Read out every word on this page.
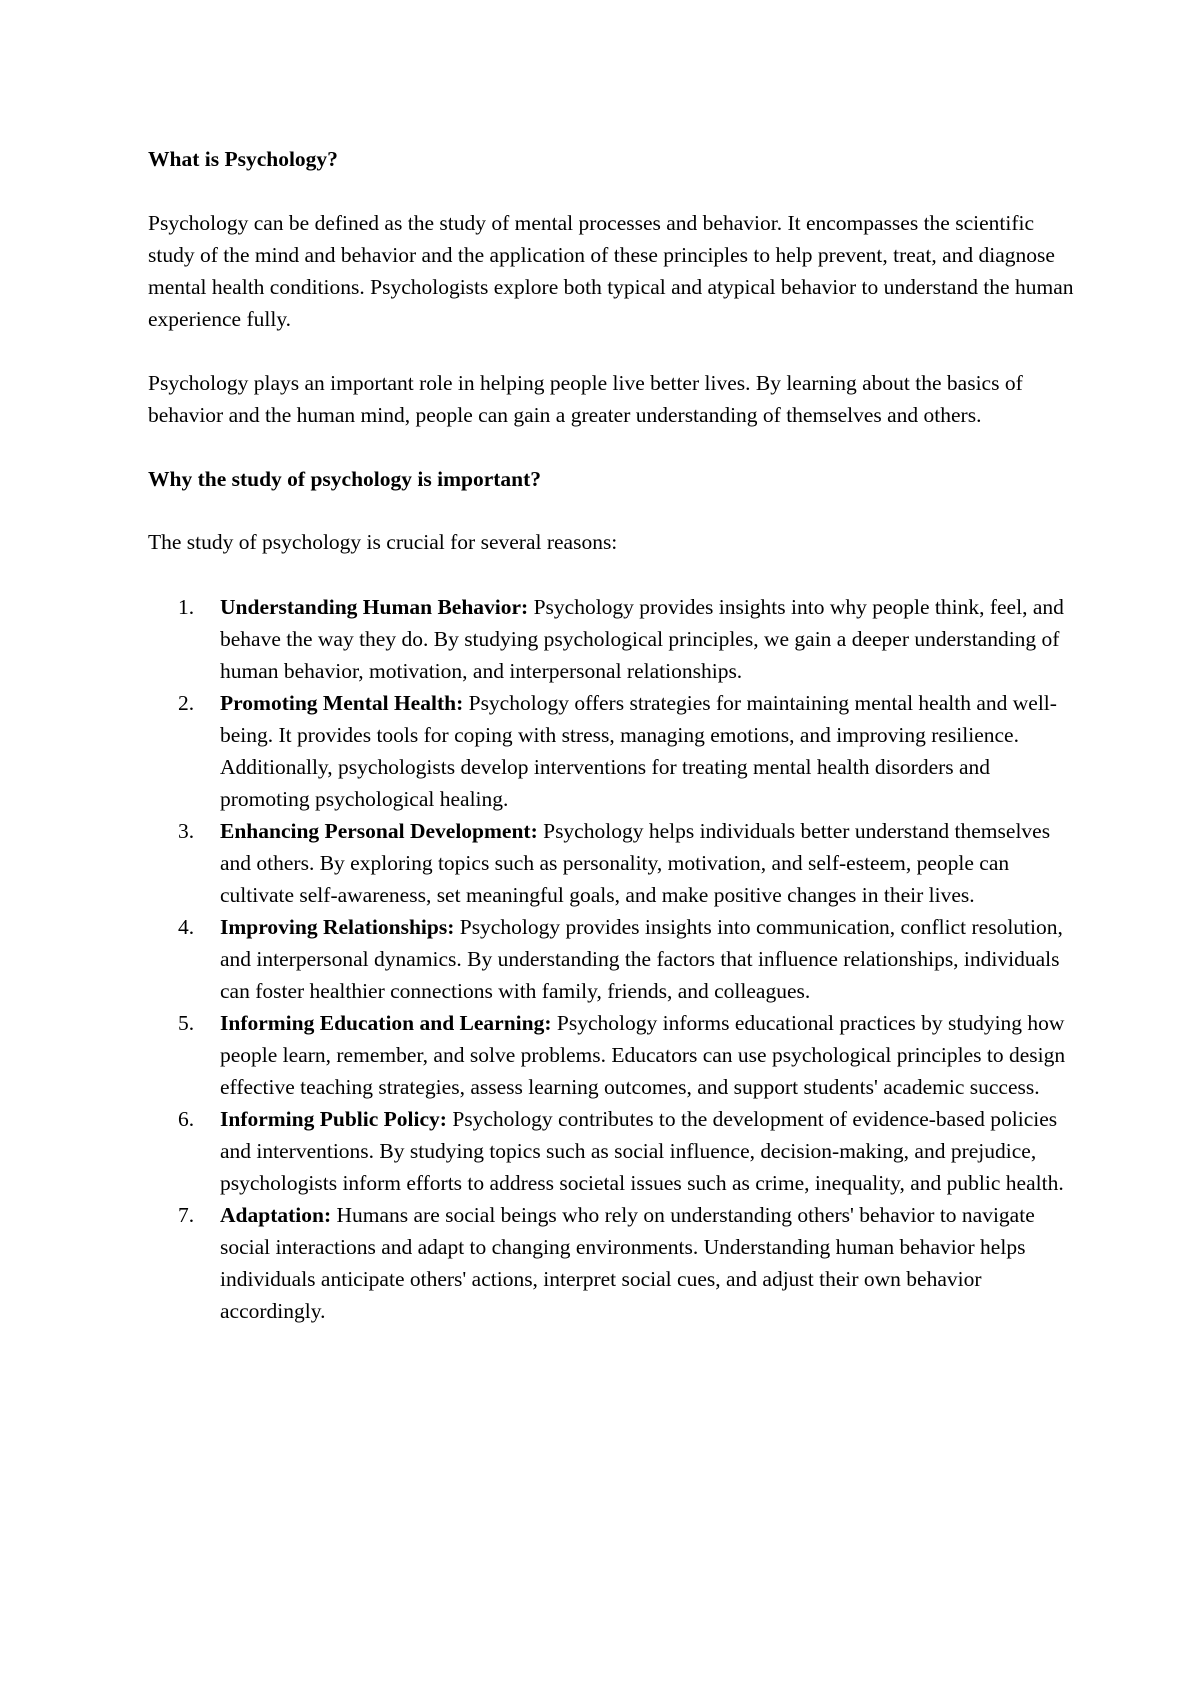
What is Psychology?

Psychology can be defined as the study of mental processes and behavior. It encompasses the scientific study of the mind and behavior and the application of these principles to help prevent, treat, and diagnose mental health conditions. Psychologists explore both typical and atypical behavior to understand the human experience fully.

Psychology plays an important role in helping people live better lives. By learning about the basics of behavior and the human mind, people can gain a greater understanding of themselves and others.

Why the study of psychology is important?

The study of psychology is crucial for several reasons:

1.	Understanding Human Behavior: Psychology provides insights into why people think, feel, and behave the way they do. By studying psychological principles, we gain a deeper understanding of human behavior, motivation, and interpersonal relationships.
2.	Promoting Mental Health: Psychology offers strategies for maintaining mental health and well-being. It provides tools for coping with stress, managing emotions, and improving resilience. Additionally, psychologists develop interventions for treating mental health disorders and promoting psychological healing.
3.	Enhancing Personal Development: Psychology helps individuals better understand themselves and others. By exploring topics such as personality, motivation, and self-esteem, people can cultivate self-awareness, set meaningful goals, and make positive changes in their lives.
4.	Improving Relationships: Psychology provides insights into communication, conflict resolution, and interpersonal dynamics. By understanding the factors that influence relationships, individuals can foster healthier connections with family, friends, and colleagues.
5.	Informing Education and Learning: Psychology informs educational practices by studying how people learn, remember, and solve problems. Educators can use psychological principles to design effective teaching strategies, assess learning outcomes, and support students' academic success.
6.	Informing Public Policy: Psychology contributes to the development of evidence-based policies and interventions. By studying topics such as social influence, decision-making, and prejudice, psychologists inform efforts to address societal issues such as crime, inequality, and public health.
7.	Adaptation: Humans are social beings who rely on understanding others' behavior to navigate social interactions and adapt to changing environments. Understanding human behavior helps individuals anticipate others' actions, interpret social cues, and adjust their own behavior accordingly.
